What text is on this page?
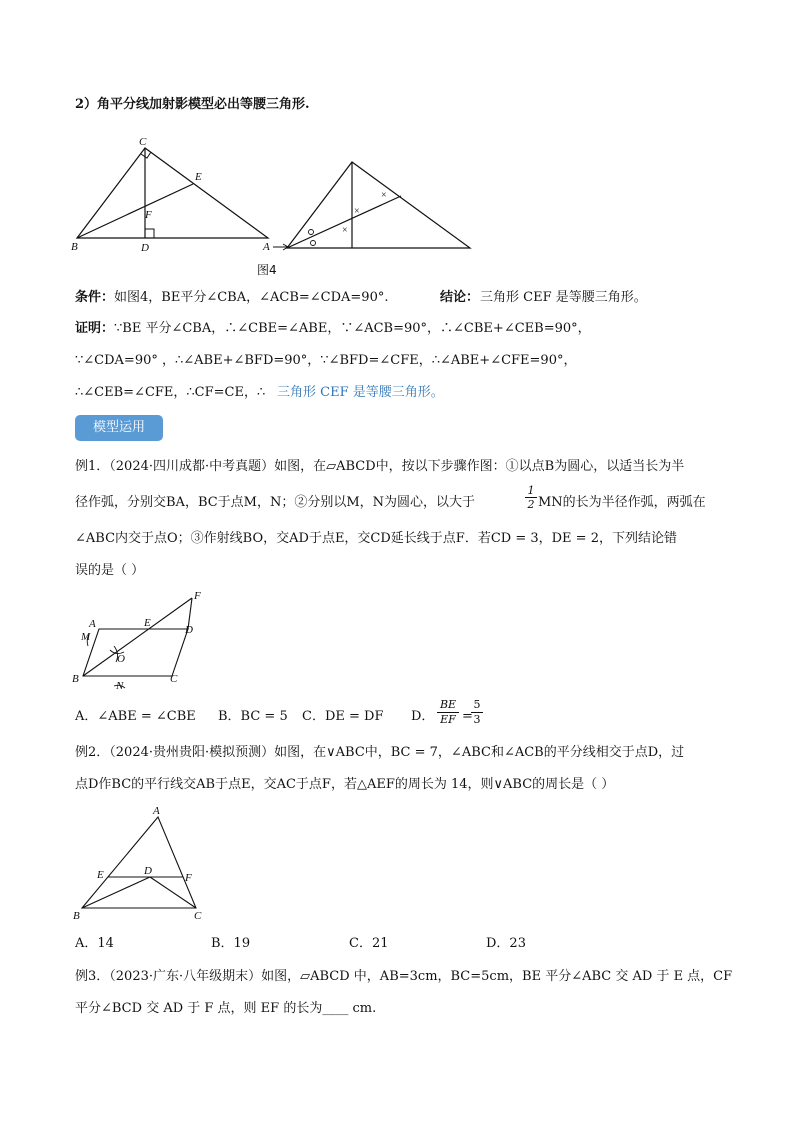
2）角平分线加射影模型必出等腰三角形.
C
E
F
B	D	A
×
×
×
图4
条件： 如图4，BE平分∠CBA，∠ACB=∠CDA=90°.	结论： 三角形 CEF 是等腰三角形。
证明： ∵BE 平分∠CBA，∴∠CBE=∠ABE，∵∠ACB=90°，∴∠CBE+∠CEB=90°，
∵∠CDA=90° ，∴∠ABE+∠BFD=90°，∵∠BFD=∠CFE，∴∠ABE+∠CFE=90°，
∴∠CEB=∠CFE，∴CF=CE，∴ 三角形 CEF 是等腰三角形。
模型运用
例1．（2024·四川成都·中考真题）如图，在▱ABCD中，按以下步骤作图：①以点B为圆心，以适当长为半
径作弧，分别交BA，BC于点M，N；②分别以M，N为圆心，以大于	$\frac{1}{2}$ MN的长为半径作弧，两弧在
∠ABC内交于点O；③作射线BO，交AD于点E，交CD延长线于点F．若CD = 3，DE = 2，下列结论错
误的是（ ）
F
A	E
D
M
O
B
N
C
A．∠ABE = ∠CBE B．BC = 5 C．DE = DF D． $\frac{BE}{EF}$ =
$\frac{5}{3}$
例2．（2024·贵州贵阳·模拟预测）如图，在∨ABC中，BC = 7，∠ABC和∠ACB的平分线相交于点D，过
点D作BC的平行线交AB于点E，交AC于点F，若△AEF的周长为 14，则∨ABC的周长是（ ）
A
E	D
F
B	C
A．14	B．19	C．21	D．23
例3．（2023·广东·八年级期末）如图，▱ABCD 中，AB=3cm，BC=5cm，BE 平分∠ABC 交 AD 于 E 点，CF
平分∠BCD 交 AD 于 F 点，则 EF 的长为____ cm.
